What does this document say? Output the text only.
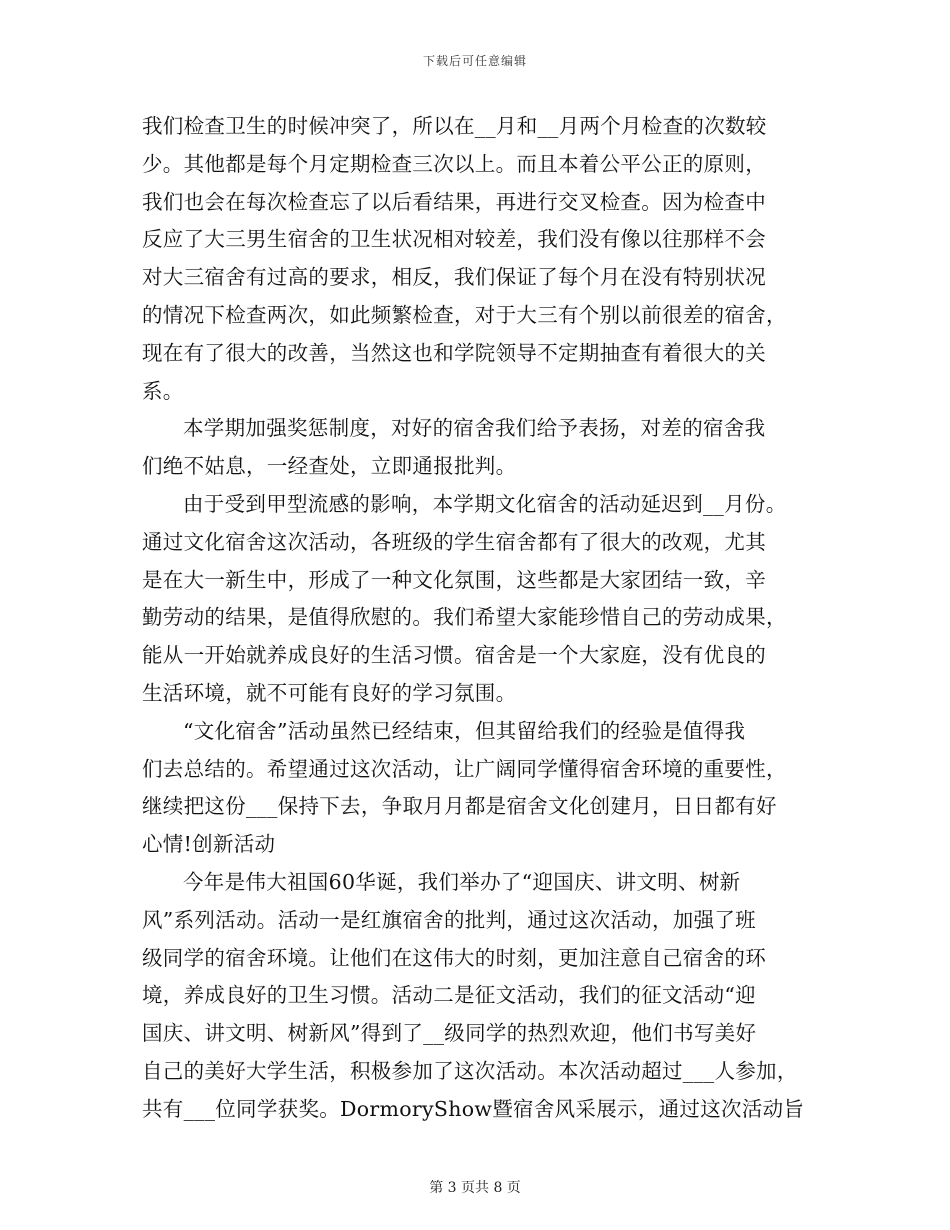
下载后可任意编辑
我们检查卫生的时候冲突了，所以在__月和__月两个月检查的次数较
少。其他都是每个月定期检查三次以上。而且本着公平公正的原则，
我们也会在每次检查忘了以后看结果，再进行交叉检查。因为检查中
反应了大三男生宿舍的卫生状况相对较差，我们没有像以往那样不会
对大三宿舍有过高的要求，相反，我们保证了每个月在没有特别状况
的情况下检查两次，如此频繁检查，对于大三有个别以前很差的宿舍，
现在有了很大的改善，当然这也和学院领导不定期抽查有着很大的关
系。
本学期加强奖惩制度，对好的宿舍我们给予表扬，对差的宿舍我
们绝不姑息，一经查处，立即通报批判。
由于受到甲型流感的影响，本学期文化宿舍的活动延迟到__月份。
通过文化宿舍这次活动，各班级的学生宿舍都有了很大的改观，尤其
是在大一新生中，形成了一种文化氛围，这些都是大家团结一致，辛
勤劳动的结果，是值得欣慰的。我们希望大家能珍惜自己的劳动成果，
能从一开始就养成良好的生活习惯。宿舍是一个大家庭，没有优良的
生活环境，就不可能有良好的学习氛围。
“文化宿舍”活动虽然已经结束，但其留给我们的经验是值得我
们去总结的。希望通过这次活动，让广阔同学懂得宿舍环境的重要性，
继续把这份___保持下去，争取月月都是宿舍文化创建月，日日都有好
心情!创新活动
今年是伟大祖国60华诞，我们举办了“迎国庆、讲文明、树新
风”系列活动。活动一是红旗宿舍的批判，通过这次活动，加强了班
级同学的宿舍环境。让他们在这伟大的时刻，更加注意自己宿舍的环
境，养成良好的卫生习惯。活动二是征文活动，我们的征文活动“迎
国庆、讲文明、树新风”得到了__级同学的热烈欢迎，他们书写美好
自己的美好大学生活，积极参加了这次活动。本次活动超过___人参加，
共有___位同学获奖。DormoryShow暨宿舍风采展示，通过这次活动旨
第 3 页共 8 页
